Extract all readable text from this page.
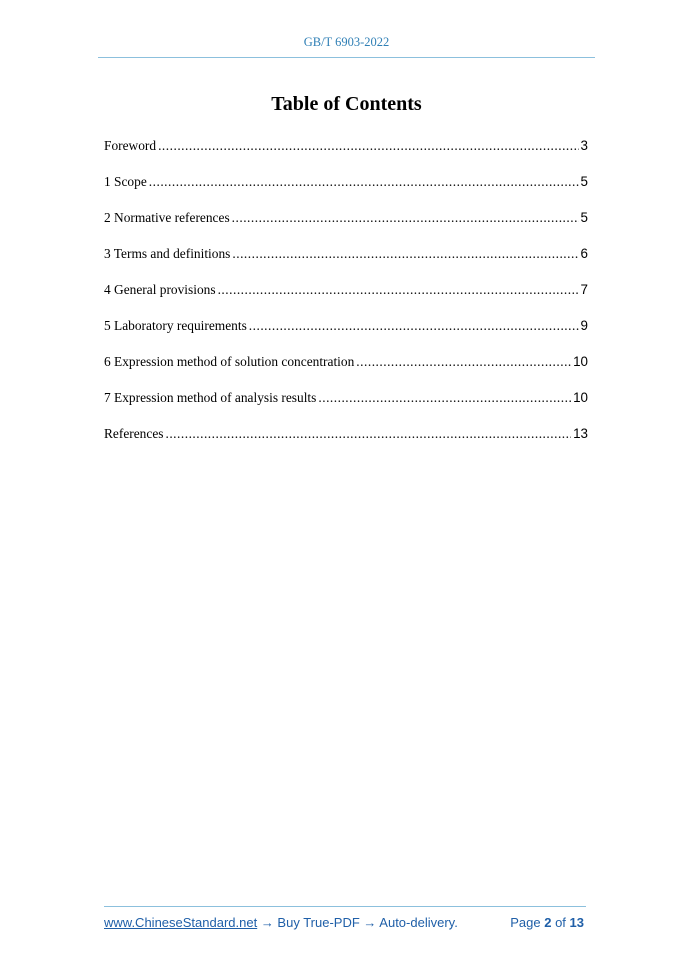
GB/T 6903-2022
Table of Contents
Foreword .....	3
1 Scope .....	5
2 Normative references .....	5
3 Terms and definitions .....	6
4 General provisions .....	7
5 Laboratory requirements .....	9
6 Expression method of solution concentration .....	10
7 Expression method of analysis results .....	10
References .....	13
www.ChineseStandard.net → Buy True-PDF → Auto-delivery.	Page 2 of 13
